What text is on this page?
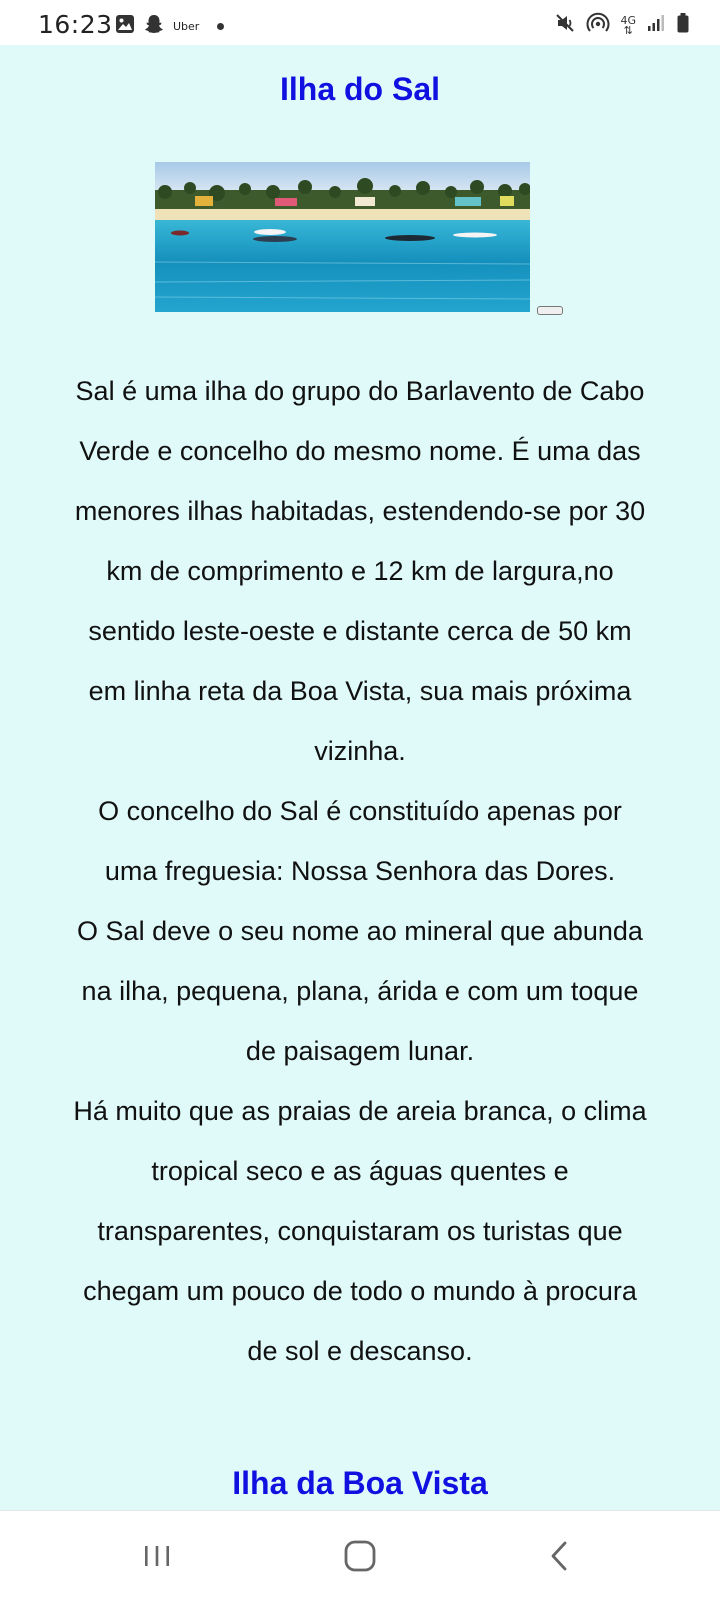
16:23	Uber	4G
⇅
Ilha do Sal

Sal é uma ilha do grupo do Barlavento de Cabo Verde e concelho do mesmo nome. É uma das menores ilhas habitadas, estendendo-se por 30 km de comprimento e 12 km de largura,no sentido leste-oeste e distante cerca de 50 km em linha reta da Boa Vista, sua mais próxima vizinha.

O concelho do Sal é constituído apenas por uma freguesia: Nossa Senhora das Dores.

O Sal deve o seu nome ao mineral que abunda na ilha, pequena, plana, árida e com um toque de paisagem lunar.

Há muito que as praias de areia branca, o clima tropical seco e as águas quentes e transparentes, conquistaram os turistas que chegam um pouco de todo o mundo à procura de sol e descanso.

Ilha da Boa Vista
